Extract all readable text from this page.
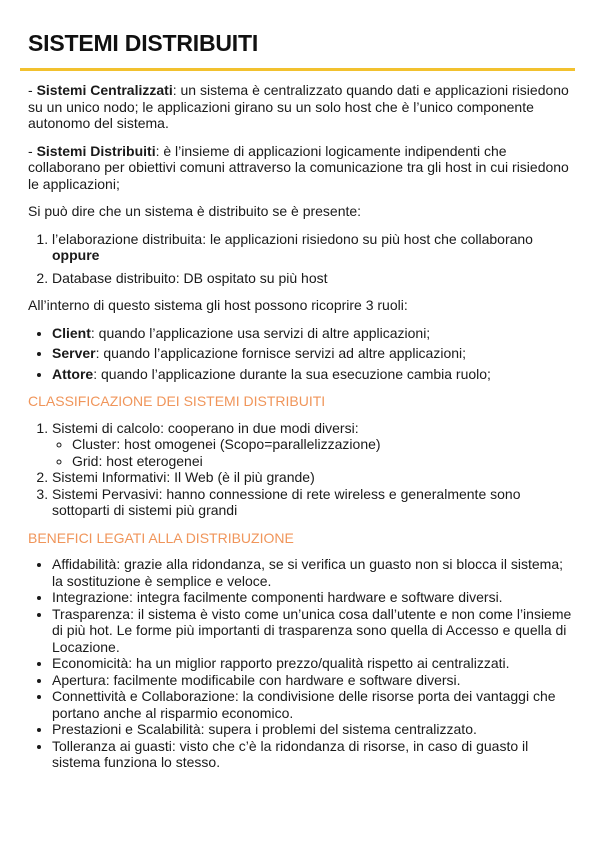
SISTEMI DISTRIBUITI

- Sistemi Centralizzati: un sistema è centralizzato quando dati e applicazioni risiedono su un unico nodo; le applicazioni girano su un solo host che è l’unico componente autonomo del sistema.

- Sistemi Distribuiti: è l’insieme di applicazioni logicamente indipendenti che collaborano per obiettivi comuni attraverso la comunicazione tra gli host in cui risiedono le applicazioni;

Si può dire che un sistema è distribuito se è presente:

1. l’elaborazione distribuita: le applicazioni risiedono su più host che collaborano oppure
2. Database distribuito: DB ospitato su più host

All’interno di questo sistema gli host possono ricoprire 3 ruoli:

• Client: quando l’applicazione usa servizi di altre applicazioni;
• Server: quando l’applicazione fornisce servizi ad altre applicazioni;
• Attore: quando l’applicazione durante la sua esecuzione cambia ruolo;

CLASSIFICAZIONE DEI SISTEMI DISTRIBUITI

1. Sistemi di calcolo: cooperano in due modi diversi:
◦ Cluster: host omogenei (Scopo=parallelizzazione)
◦ Grid: host eterogenei
2. Sistemi Informativi: Il Web (è il più grande)
3. Sistemi Pervasivi: hanno connessione di rete wireless e generalmente sono sottoparti di sistemi più grandi

BENEFICI LEGATI ALLA DISTRIBUZIONE

• Affidabilità: grazie alla ridondanza, se si verifica un guasto non si blocca il sistema; la sostituzione è semplice e veloce.
• Integrazione: integra facilmente componenti hardware e software diversi.
• Trasparenza: il sistema è visto come un’unica cosa dall’utente e non come l’insieme di più hot. Le forme più importanti di trasparenza sono quella di Accesso e quella di Locazione.
• Economicità: ha un miglior rapporto prezzo/qualità rispetto ai centralizzati.
• Apertura: facilmente modificabile con hardware e software diversi.
• Connettività e Collaborazione: la condivisione delle risorse porta dei vantaggi che portano anche al risparmio economico.
• Prestazioni e Scalabilità: supera i problemi del sistema centralizzato.
• Tolleranza ai guasti: visto che c’è la ridondanza di risorse, in caso di guasto il sistema funziona lo stesso.
